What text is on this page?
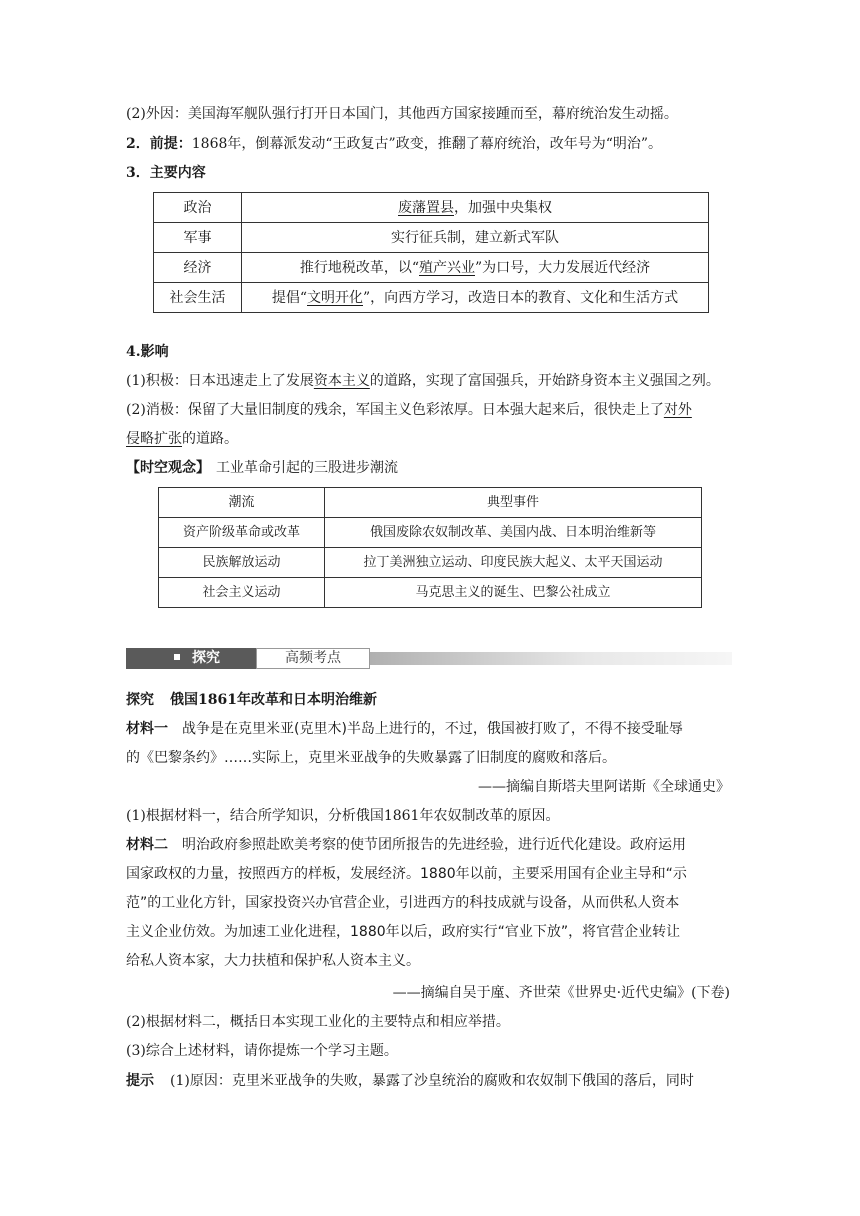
(2)外因：美国海军舰队强行打开日本国门，其他西方国家接踵而至，幕府统治发生动摇。
2．前提：1868年，倒幕派发动“王政复古”政变，推翻了幕府统治，改年号为“明治”。
3．主要内容
政治	废藩置县，加强中央集权
军事	实行征兵制，建立新式军队
经济	推行地税改革，以“殖产兴业”为口号，大力发展近代经济
社会生活	提倡“文明开化”，向西方学习，改造日本的教育、文化和生活方式
4.影响
(1)积极：日本迅速走上了发展资本主义的道路，实现了富国强兵，开始跻身资本主义强国之列。
(2)消极：保留了大量旧制度的残余，军国主义色彩浓厚。日本强大起来后，很快走上了对外
侵略扩张的道路。
【时空观念】 工业革命引起的三股进步潮流
潮流	典型事件
资产阶级革命或改革	俄国废除农奴制改革、美国内战、日本明治维新等
民族解放运动	拉丁美洲独立运动、印度民族大起义、太平天国运动
社会主义运动	马克思主义的诞生、巴黎公社成立
探究	高频考点
探究 俄国1861年改革和日本明治维新
材料一 战争是在克里米亚(克里木)半岛上进行的，不过，俄国被打败了，不得不接受耻辱
的《巴黎条约》……实际上，克里米亚战争的失败暴露了旧制度的腐败和落后。
——摘编自斯塔夫里阿诺斯《全球通史》
(1)根据材料一，结合所学知识，分析俄国1861年农奴制改革的原因。
材料二 明治政府参照赴欧美考察的使节团所报告的先进经验，进行近代化建设。政府运用
国家政权的力量，按照西方的样板，发展经济。1880年以前，主要采用国有企业主导和“示
范”的工业化方针，国家投资兴办官营企业，引进西方的科技成就与设备，从而供私人资本
主义企业仿效。为加速工业化进程，1880年以后，政府实行“官业下放”，将官营企业转让
给私人资本家，大力扶植和保护私人资本主义。
——摘编自吴于廑、齐世荣《世界史·近代史编》(下卷)
(2)根据材料二，概括日本实现工业化的主要特点和相应举措。
(3)综合上述材料，请你提炼一个学习主题。
提示 (1)原因：克里米亚战争的失败，暴露了沙皇统治的腐败和农奴制下俄国的落后，同时
